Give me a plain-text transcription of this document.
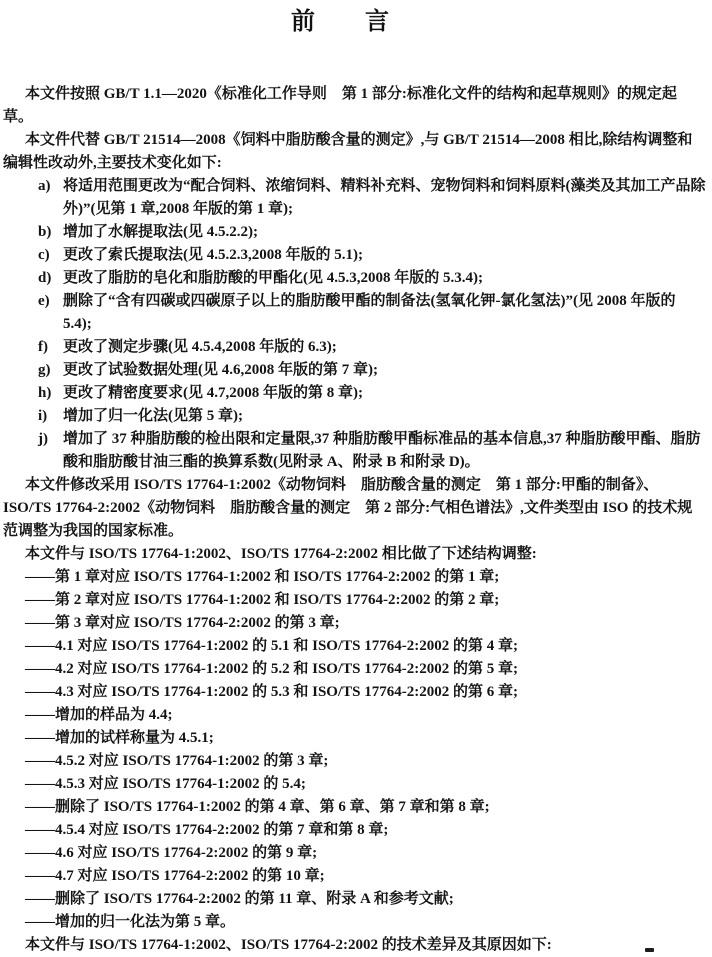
前 言

本文件按照 GB/T 1.1—2020《标准化工作导则　第 1 部分:标准化文件的结构和起草规则》的规定起草。

本文件代替 GB/T 21514—2008《饲料中脂肪酸含量的测定》,与 GB/T 21514—2008 相比,除结构调整和编辑性改动外,主要技术变化如下:

a) 将适用范围更改为“配合饲料、浓缩饲料、精料补充料、宠物饲料和饲料原料(藻类及其加工产品除外)”(见第 1 章,2008 年版的第 1 章);

b) 增加了水解提取法(见 4.5.2.2);

c) 更改了索氏提取法(见 4.5.2.3,2008 年版的 5.1);

d) 更改了脂肪的皂化和脂肪酸的甲酯化(见 4.5.3,2008 年版的 5.3.4);

e) 删除了“含有四碳或四碳原子以上的脂肪酸甲酯的制备法(氢氧化钾-氯化氢法)”(见 2008 年版的 5.4);

f) 更改了测定步骤(见 4.5.4,2008 年版的 6.3);

g) 更改了试验数据处理(见 4.6,2008 年版的第 7 章);

h) 更改了精密度要求(见 4.7,2008 年版的第 8 章);

i) 增加了归一化法(见第 5 章);

j) 增加了 37 种脂肪酸的检出限和定量限,37 种脂肪酸甲酯标准品的基本信息,37 种脂肪酸甲酯、脂肪酸和脂肪酸甘油三酯的换算系数(见附录 A、附录 B 和附录 D)。

本文件修改采用 ISO/TS 17764-1:2002《动物饲料　脂肪酸含量的测定　第 1 部分:甲酯的制备》、ISO/TS 17764-2:2002《动物饲料　脂肪酸含量的测定　第 2 部分:气相色谱法》,文件类型由 ISO 的技术规范调整为我国的国家标准。

本文件与 ISO/TS 17764-1:2002、ISO/TS 17764-2:2002 相比做了下述结构调整:

——第 1 章对应 ISO/TS 17764-1:2002 和 ISO/TS 17764-2:2002 的第 1 章;

——第 2 章对应 ISO/TS 17764-1:2002 和 ISO/TS 17764-2:2002 的第 2 章;

——第 3 章对应 ISO/TS 17764-2:2002 的第 3 章;

——4.1 对应 ISO/TS 17764-1:2002 的 5.1 和 ISO/TS 17764-2:2002 的第 4 章;

——4.2 对应 ISO/TS 17764-1:2002 的 5.2 和 ISO/TS 17764-2:2002 的第 5 章;

——4.3 对应 ISO/TS 17764-1:2002 的 5.3 和 ISO/TS 17764-2:2002 的第 6 章;

——增加的样品为 4.4;

——增加的试样称量为 4.5.1;

——4.5.2 对应 ISO/TS 17764-1:2002 的第 3 章;

——4.5.3 对应 ISO/TS 17764-1:2002 的 5.4;

——删除了 ISO/TS 17764-1:2002 的第 4 章、第 6 章、第 7 章和第 8 章;

——4.5.4 对应 ISO/TS 17764-2:2002 的第 7 章和第 8 章;

——4.6 对应 ISO/TS 17764-2:2002 的第 9 章;

——4.7 对应 ISO/TS 17764-2:2002 的第 10 章;

——删除了 ISO/TS 17764-2:2002 的第 11 章、附录 A 和参考文献;

——增加的归一化法为第 5 章。

本文件与 ISO/TS 17764-1:2002、ISO/TS 17764-2:2002 的技术差异及其原因如下:
